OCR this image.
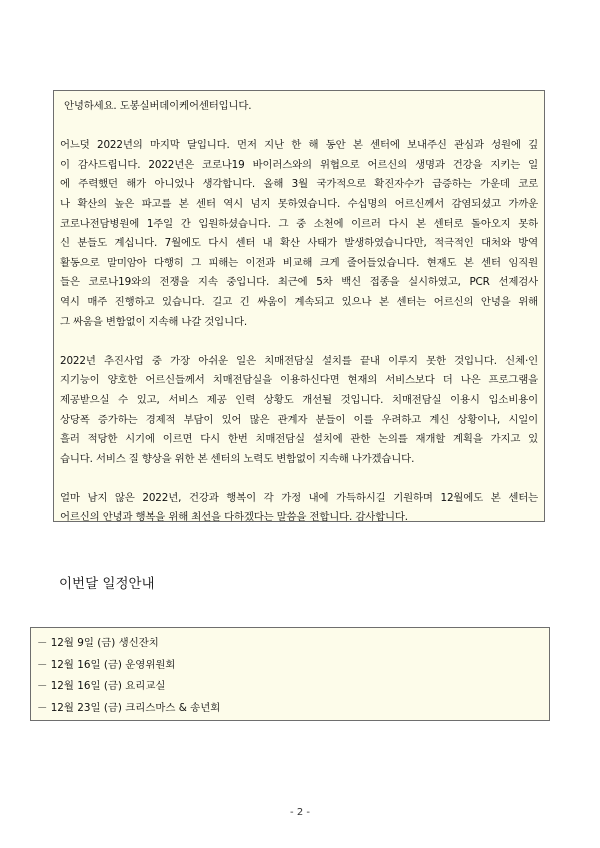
안녕하세요. 도봉실버데이케어센터입니다.
어느덧 2022년의 마지막 달입니다. 먼저 지난 한 해 동안 본 센터에 보내주신 관심과 성원에 깊
이 감사드립니다. 2022년은 코로나19 바이러스와의 위협으로 어르신의 생명과 건강을 지키는 일
에 주력했던 해가 아니었나 생각합니다. 올해 3월 국가적으로 확진자수가 급증하는 가운데 코로
나 확산의 높은 파고를 본 센터 역시 넘지 못하였습니다. 수십명의 어르신께서 감염되셨고 가까운
코로나전담병원에 1주일 간 입원하셨습니다. 그 중 소천에 이르러 다시 본 센터로 돌아오지 못하
신 분들도 계십니다. 7월에도 다시 센터 내 확산 사태가 발생하였습니다만, 적극적인 대처와 방역
활동으로 말미암아 다행히 그 피해는 이전과 비교해 크게 줄어들었습니다. 현재도 본 센터 임직원
들은 코로나19와의 전쟁을 지속 중입니다. 최근에 5차 백신 접종을 실시하였고, PCR 선제검사
역시 매주 진행하고 있습니다. 길고 긴 싸움이 계속되고 있으나 본 센터는 어르신의 안녕을 위해
그 싸움을 변함없이 지속해 나갈 것입니다.
2022년 추진사업 중 가장 아쉬운 일은 치매전담실 설치를 끝내 이루지 못한 것입니다. 신체·인
지기능이 양호한 어르신들께서 치매전담실을 이용하신다면 현재의 서비스보다 더 나은 프로그램을
제공받으실 수 있고, 서비스 제공 인력 상황도 개선될 것입니다. 치매전담실 이용시 입소비용이
상당폭 증가하는 경제적 부담이 있어 많은 관계자 분들이 이를 우려하고 계신 상황이나, 시일이
흘러 적당한 시기에 이르면 다시 한번 치매전담실 설치에 관한 논의를 재개할 계획을 가지고 있
습니다. 서비스 질 향상을 위한 본 센터의 노력도 변함없이 지속해 나가겠습니다.
얼마 남지 않은 2022년, 건강과 행복이 각 가정 내에 가득하시길 기원하며 12월에도 본 센터는
어르신의 안녕과 행복을 위해 최선을 다하겠다는 말씀을 전합니다. 감사합니다.
이번달 일정안내
－ 12월 9일 (금) 생신잔치
－ 12월 16일 (금) 운영위원회
－ 12월 16일 (금) 요리교실
－ 12월 23일 (금) 크리스마스 & 송년회
- 2 -
